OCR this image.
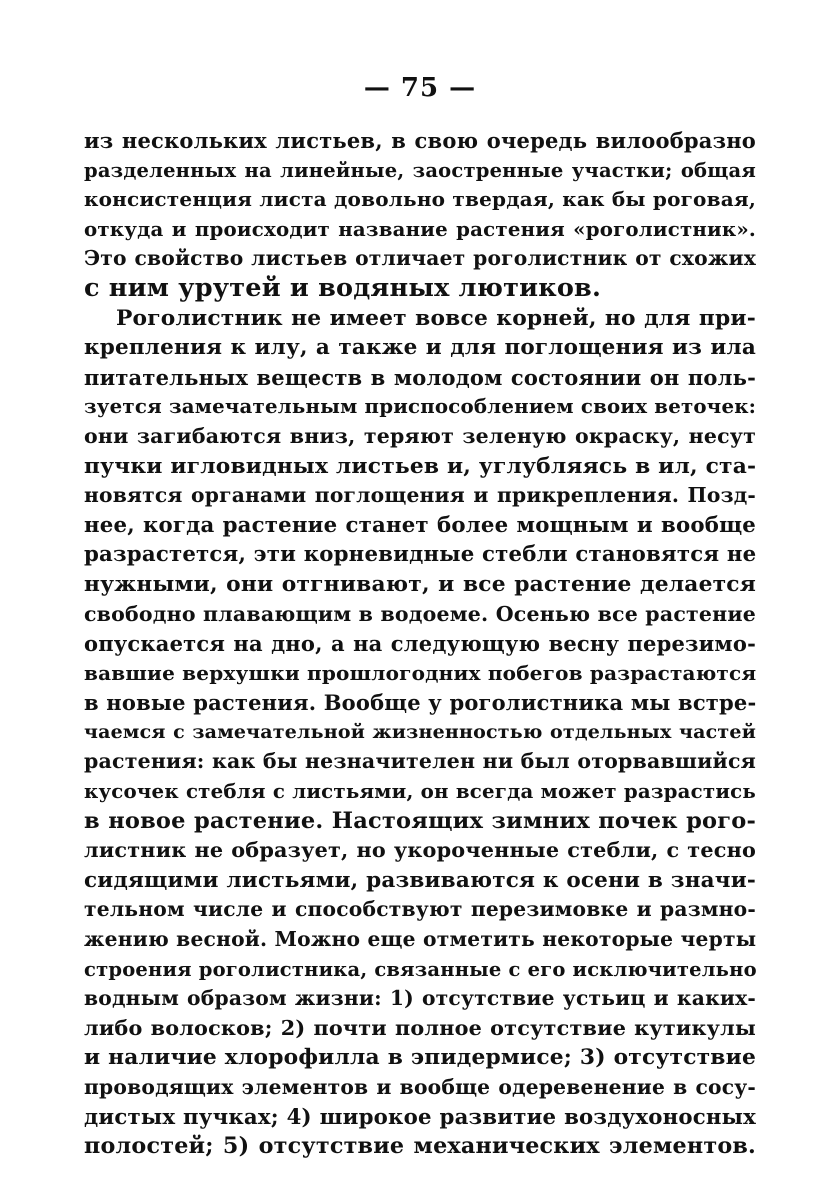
— 75 —
из нескольких листьев, в свою очередь вилообразно
разделенных на линейные, заостренные участки; общая
консистенция листа довольно твердая, как бы роговая,
откуда и происходит название растения «роголистник».
Это свойство листьев отличает роголистник от схожих
с ним урутей и водяных лютиков.
Роголистник не имеет вовсе корней, но для при-
крепления к илу, а также и для поглощения из ила
питательных веществ в молодом состоянии он поль-
зуется замечательным приспособлением своих веточек:
они загибаются вниз, теряют зеленую окраску, несут
пучки игловидных листьев и, углубляясь в ил, ста-
новятся органами поглощения и прикрепления. Позд-
нее, когда растение станет более мощным и вообще
разрастется, эти корневидные стебли становятся не
нужными, они отгнивают, и все растение делается
свободно плавающим в водоеме. Осенью все растение
опускается на дно, а на следующую весну перезимо-
вавшие верхушки прошлогодних побегов разрастаются
в новые растения. Вообще у роголистника мы встре-
чаемся с замечательной жизненностью отдельных частей
растения: как бы незначителен ни был оторвавшийся
кусочек стебля с листьями, он всегда может разрастись
в новое растение. Настоящих зимних почек рого-
листник не образует, но укороченные стебли, с тесно
сидящими листьями, развиваются к осени в значи-
тельном числе и способствуют перезимовке и размно-
жению весной. Можно еще отметить некоторые черты
строения роголистника, связанные с его исключительно
водным образом жизни: 1) отсутствие устьиц и каких-
либо волосков; 2) почти полное отсутствие кутикулы
и наличие хлорофилла в эпидермисе; 3) отсутствие
проводящих элементов и вообще одеревенение в сосу-
дистых пучках; 4) широкое развитие воздухоносных
полостей; 5) отсутствие механических элементов.
